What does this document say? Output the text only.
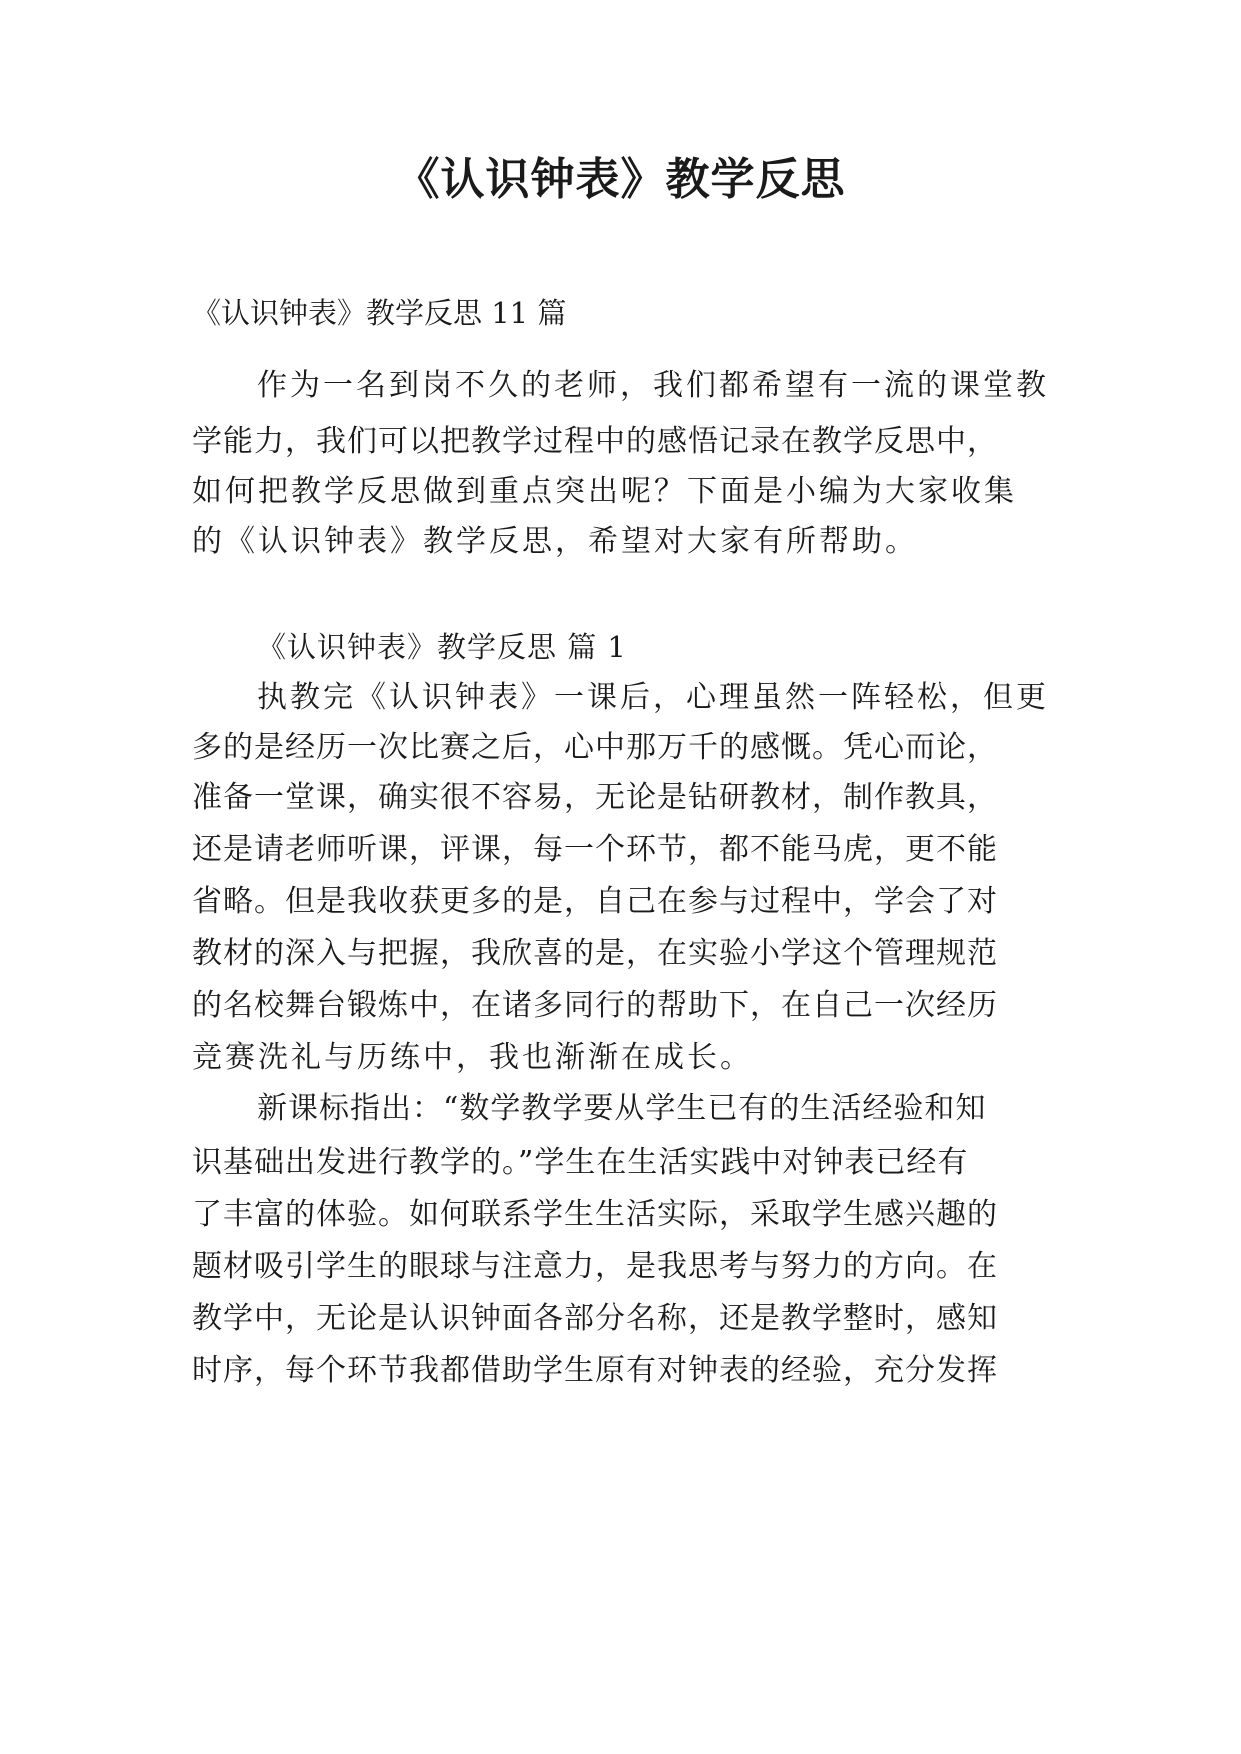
《认识钟表》教学反思

《认识钟表》教学反思 11 篇

作为一名到岗不久的老师，我们都希望有一流的课堂教

学能力，我们可以把教学过程中的感悟记录在教学反思中，

如何把教学反思做到重点突出呢？下面是小编为大家收集

的《认识钟表》教学反思，希望对大家有所帮助。

《认识钟表》教学反思 篇 1

执教完《认识钟表》一课后，心理虽然一阵轻松，但更

多的是经历一次比赛之后，心中那万千的感慨。凭心而论，

准备一堂课，确实很不容易，无论是钻研教材，制作教具，

还是请老师听课，评课，每一个环节，都不能马虎，更不能

省略。但是我收获更多的是，自己在参与过程中，学会了对

教材的深入与把握，我欣喜的是，在实验小学这个管理规范

的名校舞台锻炼中，在诸多同行的帮助下，在自己一次经历

竞赛洗礼与历练中，我也渐渐在成长。

新课标指出：“数学教学要从学生已有的生活经验和知

识基础出发进行教学的。”学生在生活实践中对钟表已经有

了丰富的体验。如何联系学生生活实际，采取学生感兴趣的

题材吸引学生的眼球与注意力，是我思考与努力的方向。在

教学中，无论是认识钟面各部分名称，还是教学整时，感知

时序，每个环节我都借助学生原有对钟表的经验，充分发挥
